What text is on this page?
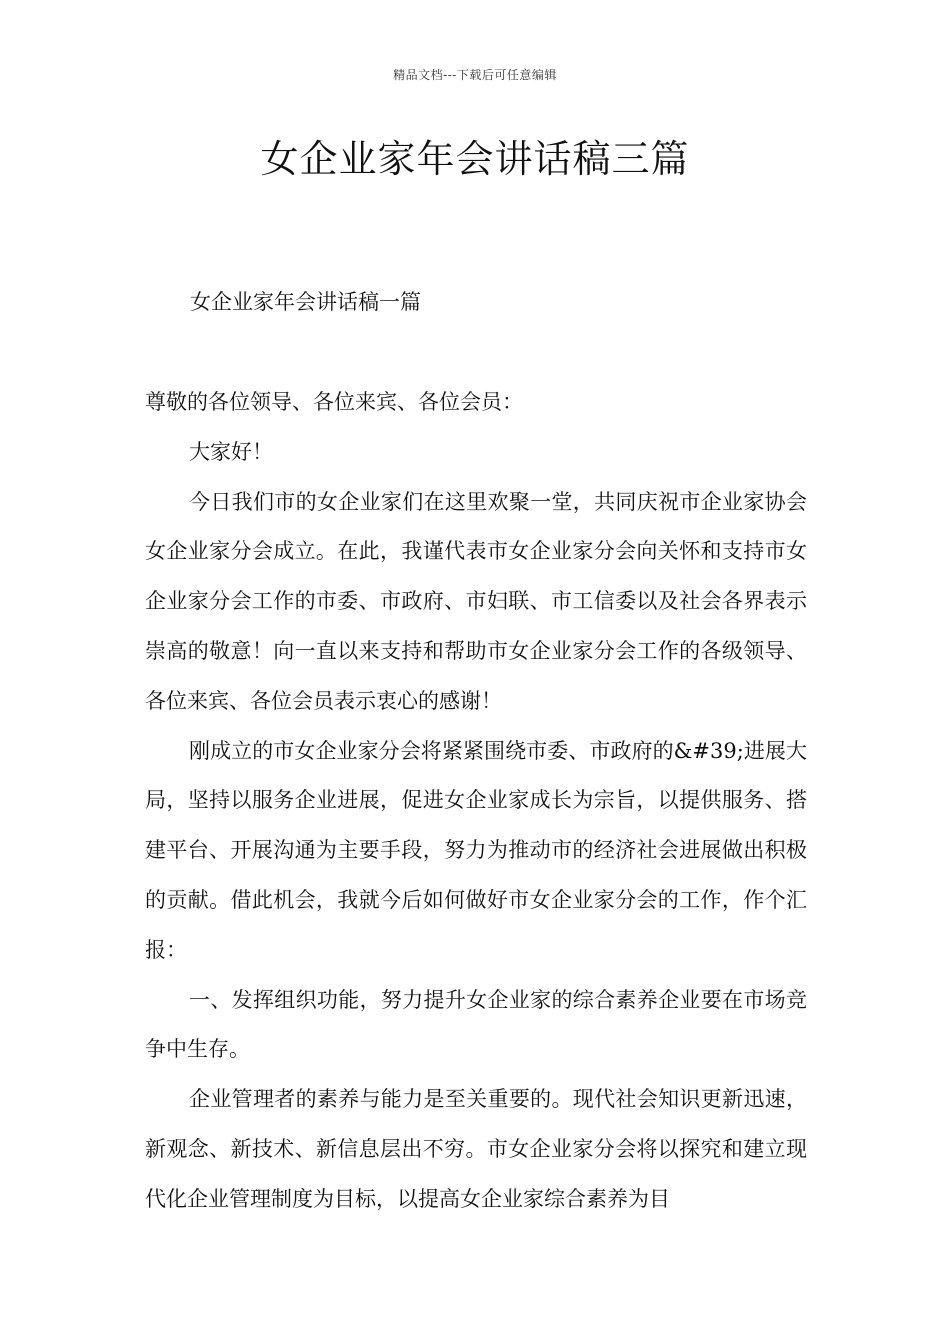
精品文档---下载后可任意编辑
女企业家年会讲话稿三篇
女企业家年会讲话稿一篇

尊敬的各位领导、各位来宾、各位会员：

大家好！

今日我们市的女企业家们在这里欢聚一堂，共同庆祝市企业家协会女企业家分会成立。在此，我谨代表市女企业家分会向关怀和支持市女企业家分会工作的市委、市政府、市妇联、市工信委以及社会各界表示崇高的敬意！向一直以来支持和帮助市女企业家分会工作的各级领导、各位来宾、各位会员表示衷心的感谢！

刚成立的市女企业家分会将紧紧围绕市委、市政府的&#39;进展大局，坚持以服务企业进展，促进女企业家成长为宗旨，以提供服务、搭建平台、开展沟通为主要手段，努力为推动市的经济社会进展做出积极的贡献。借此机会，我就今后如何做好市女企业家分会的工作，作个汇报：

一、发挥组织功能，努力提升女企业家的综合素养企业要在市场竞争中生存。

企业管理者的素养与能力是至关重要的。现代社会知识更新迅速，新观念、新技术、新信息层出不穷。市女企业家分会将以探究和建立现代化企业管理制度为目标，以提高女企业家综合素养为目
